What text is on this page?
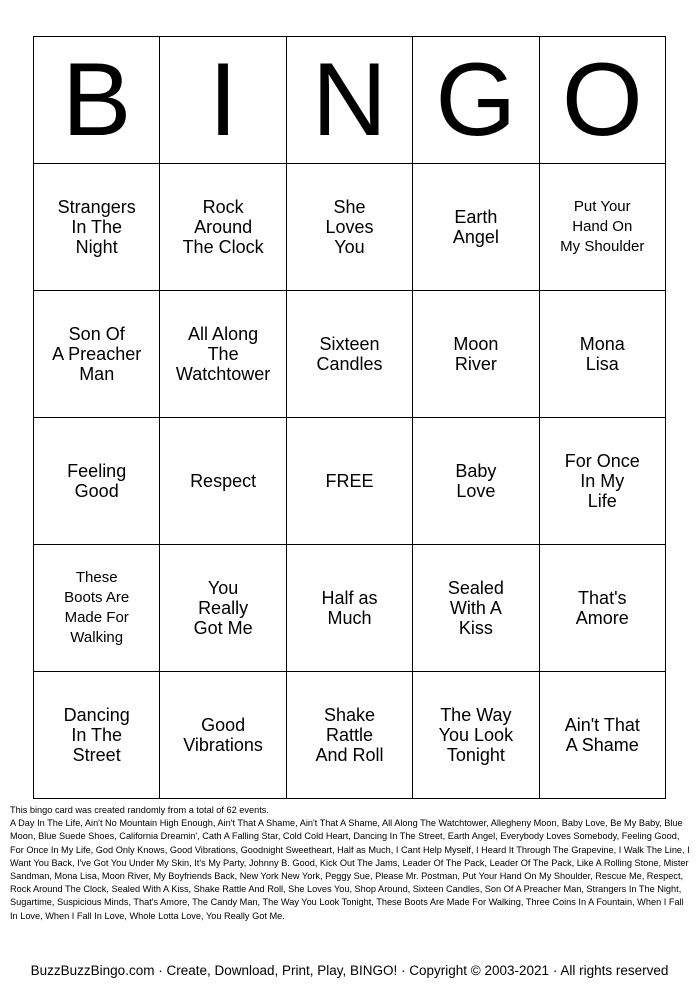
B	I	N	G	O

Strangers
In The
Night	Rock
Around
The Clock	She
Loves
You	Earth
Angel	Put Your
Hand On
My Shoulder

Son Of
A Preacher
Man	All Along
The
Watchtower	Sixteen
Candles	Moon
River	Mona
Lisa

Feeling
Good	Respect	FREE	Baby
Love	For Once
In My
Life

These
Boots Are
Made For
Walking	You
Really
Got Me	Half as
Much	Sealed
With A
Kiss	That's
Amore

Dancing
In The
Street	Good
Vibrations	Shake
Rattle
And Roll	The Way
You Look
Tonight	Ain't That
A Shame
This bingo card was created randomly from a total of 62 events.
A Day In The Life, Ain't No Mountain High Enough, Ain't That A Shame, Ain't That A Shame, All Along The Watchtower, Allegheny Moon, Baby Love, Be My Baby, Blue Moon, Blue Suede Shoes, California Dreamin', Cath A Falling Star, Cold Cold Heart, Dancing In The Street, Earth Angel, Everybody Loves Somebody, Feeling Good, For Once In My Life, God Only Knows, Good Vibrations, Goodnight Sweetheart, Half as Much, I Cant Help Myself, I Heard It Through The Grapevine, I Walk The Line, I Want You Back, I've Got You Under My Skin, It's My Party, Johnny B. Good, Kick Out The Jams, Leader Of The Pack, Leader Of The Pack, Like A Rolling Stone, Mister Sandman, Mona Lisa, Moon River, My Boyfriends Back, New York New York, Peggy Sue, Please Mr. Postman, Put Your Hand On My Shoulder, Rescue Me, Respect, Rock Around The Clock, Sealed With A Kiss, Shake Rattle And Roll, She Loves You, Shop Around, Sixteen Candles, Son Of A Preacher Man, Strangers In The Night, Sugartime, Suspicious Minds, That's Amore, The Candy Man, The Way You Look Tonight, These Boots Are Made For Walking, Three Coins In A Fountain, When I Fall In Love, When I Fall In Love, Whole Lotta Love, You Really Got Me.
BuzzBuzzBingo.com · Create, Download, Print, Play, BINGO! · Copyright © 2003-2021 · All rights reserved
